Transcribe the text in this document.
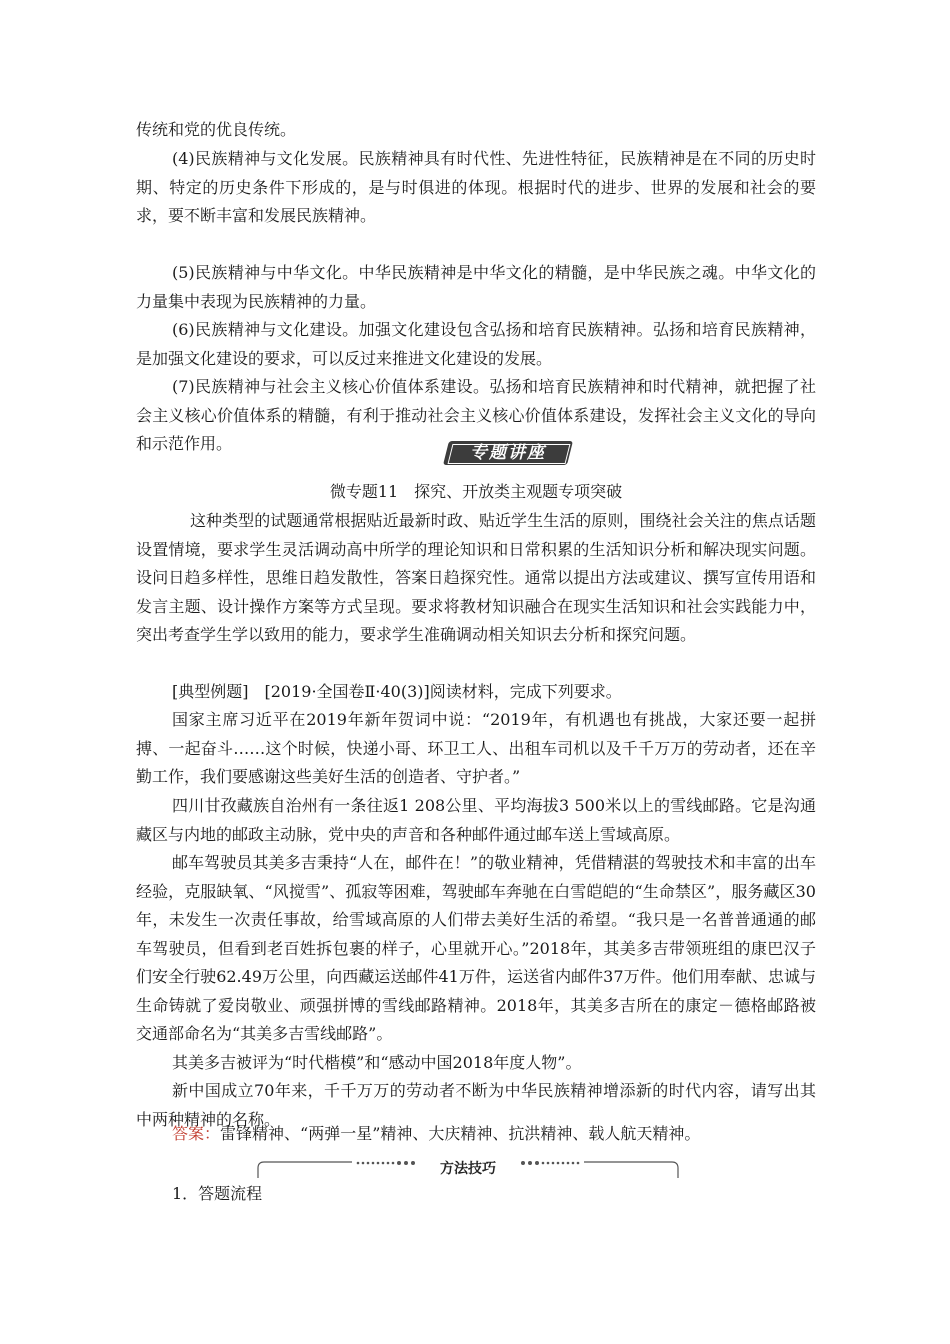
传统和党的优良传统。

(4)民族精神与文化发展。民族精神具有时代性、先进性特征，民族精神是在不同的历史时期、特定的历史条件下形成的，是与时俱进的体现。根据时代的进步、世界的发展和社会的要求，要不断丰富和发展民族精神。

(5)民族精神与中华文化。中华民族精神是中华文化的精髓，是中华民族之魂。中华文化的力量集中表现为民族精神的力量。

(6)民族精神与文化建设。加强文化建设包含弘扬和培育民族精神。弘扬和培育民族精神，是加强文化建设的要求，可以反过来推进文化建设的发展。

(7)民族精神与社会主义核心价值体系建设。弘扬和培育民族精神和时代精神，就把握了社会主义核心价值体系的精髓，有利于推动社会主义核心价值体系建设，发挥社会主义文化的导向和示范作用。	专题讲座

微专题11　探究、开放类主观题专项突破

这种类型的试题通常根据贴近最新时政、贴近学生生活的原则，围绕社会关注的焦点话题设置情境，要求学生灵活调动高中所学的理论知识和日常积累的生活知识分析和解决现实问题。设问日趋多样性，思维日趋发散性，答案日趋探究性。通常以提出方法或建议、撰写宣传用语和发言主题、设计操作方案等方式呈现。要求将教材知识融合在现实生活知识和社会实践能力中，突出考查学生学以致用的能力，要求学生准确调动相关知识去分析和探究问题。

[典型例题]　[2019·全国卷Ⅱ·40(3)]阅读材料，完成下列要求。

国家主席习近平在2019年新年贺词中说：“2019年，有机遇也有挑战，大家还要一起拼搏、一起奋斗……这个时候，快递小哥、环卫工人、出租车司机以及千千万万的劳动者，还在辛勤工作，我们要感谢这些美好生活的创造者、守护者。”

四川甘孜藏族自治州有一条往返1 208公里、平均海拔3 500米以上的雪线邮路。它是沟通藏区与内地的邮政主动脉，党中央的声音和各种邮件通过邮车送上雪域高原。

邮车驾驶员其美多吉秉持“人在，邮件在！”的敬业精神，凭借精湛的驾驶技术和丰富的出车经验，克服缺氧、“风搅雪”、孤寂等困难，驾驶邮车奔驰在白雪皑皑的“生命禁区”，服务藏区30年，未发生一次责任事故，给雪域高原的人们带去美好生活的希望。“我只是一名普普通通的邮车驾驶员，但看到老百姓拆包裹的样子，心里就开心。”2018年，其美多吉带领班组的康巴汉子们安全行驶62.49万公里，向西藏运送邮件41万件，运送省内邮件37万件。他们用奉献、忠诚与生命铸就了爱岗敬业、顽强拼博的雪线邮路精神。2018年，其美多吉所在的康定－德格邮路被交通部命名为“其美多吉雪线邮路”。

其美多吉被评为“时代楷模”和“感动中国2018年度人物”。

新中国成立70年来，千千万万的劳动者不断为中华民族精神增添新的时代内容，请写出其中两种精神的名称。

答案：雷锋精神、“两弹一星”精神、大庆精神、抗洪精神、载人航天精神。

方法技巧

1．答题流程
